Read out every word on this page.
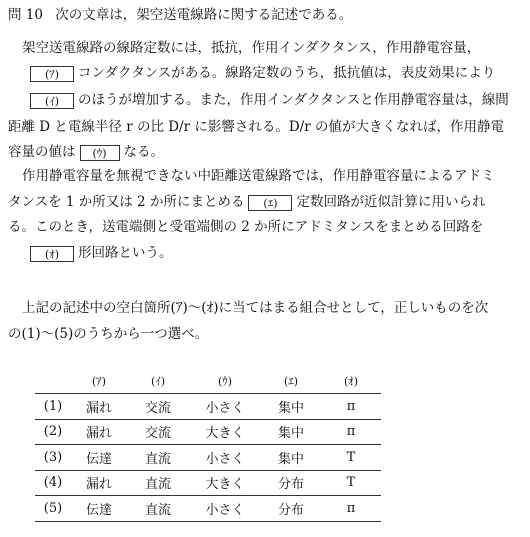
問 10 次の文章は，架空送電線路に関する記述である。
架空送電線路の線路定数には，抵抗，作用インダクタンス，作用静電容量，
(ｱ) コンダクタンスがある。線路定数のうち，抵抗値は，表皮効果により
(ｲ) のほうが増加する。また，作用インダクタンスと作用静電容量は，線間
距離 D と電線半径 r の比 D/r に影響される。D/r の値が大きくなれば，作用静電
容量の値は (ｳ) なる。
作用静電容量を無視できない中距離送電線路では，作用静電容量によるアドミ
タンスを 1 か所又は 2 か所にまとめる (ｴ) 定数回路が近似計算に用いられ
る。このとき，送電端側と受電端側の 2 か所にアドミタンスをまとめる回路を
(ｵ) 形回路という。
上記の記述中の空白箇所(ｱ)～(ｵ)に当てはまる組合せとして，正しいものを次
の(1)～(5)のうちから一つ選べ。
	(ｱ)	(ｲ)	(ｳ)	(ｴ)	(ｵ)
(1)	漏れ	交流	小さく	集中	π
(2)	漏れ	交流	大きく	集中	π
(3)	伝達	直流	小さく	集中	T
(4)	漏れ	直流	大きく	分布	T
(5)	伝達	直流	小さく	分布	π
